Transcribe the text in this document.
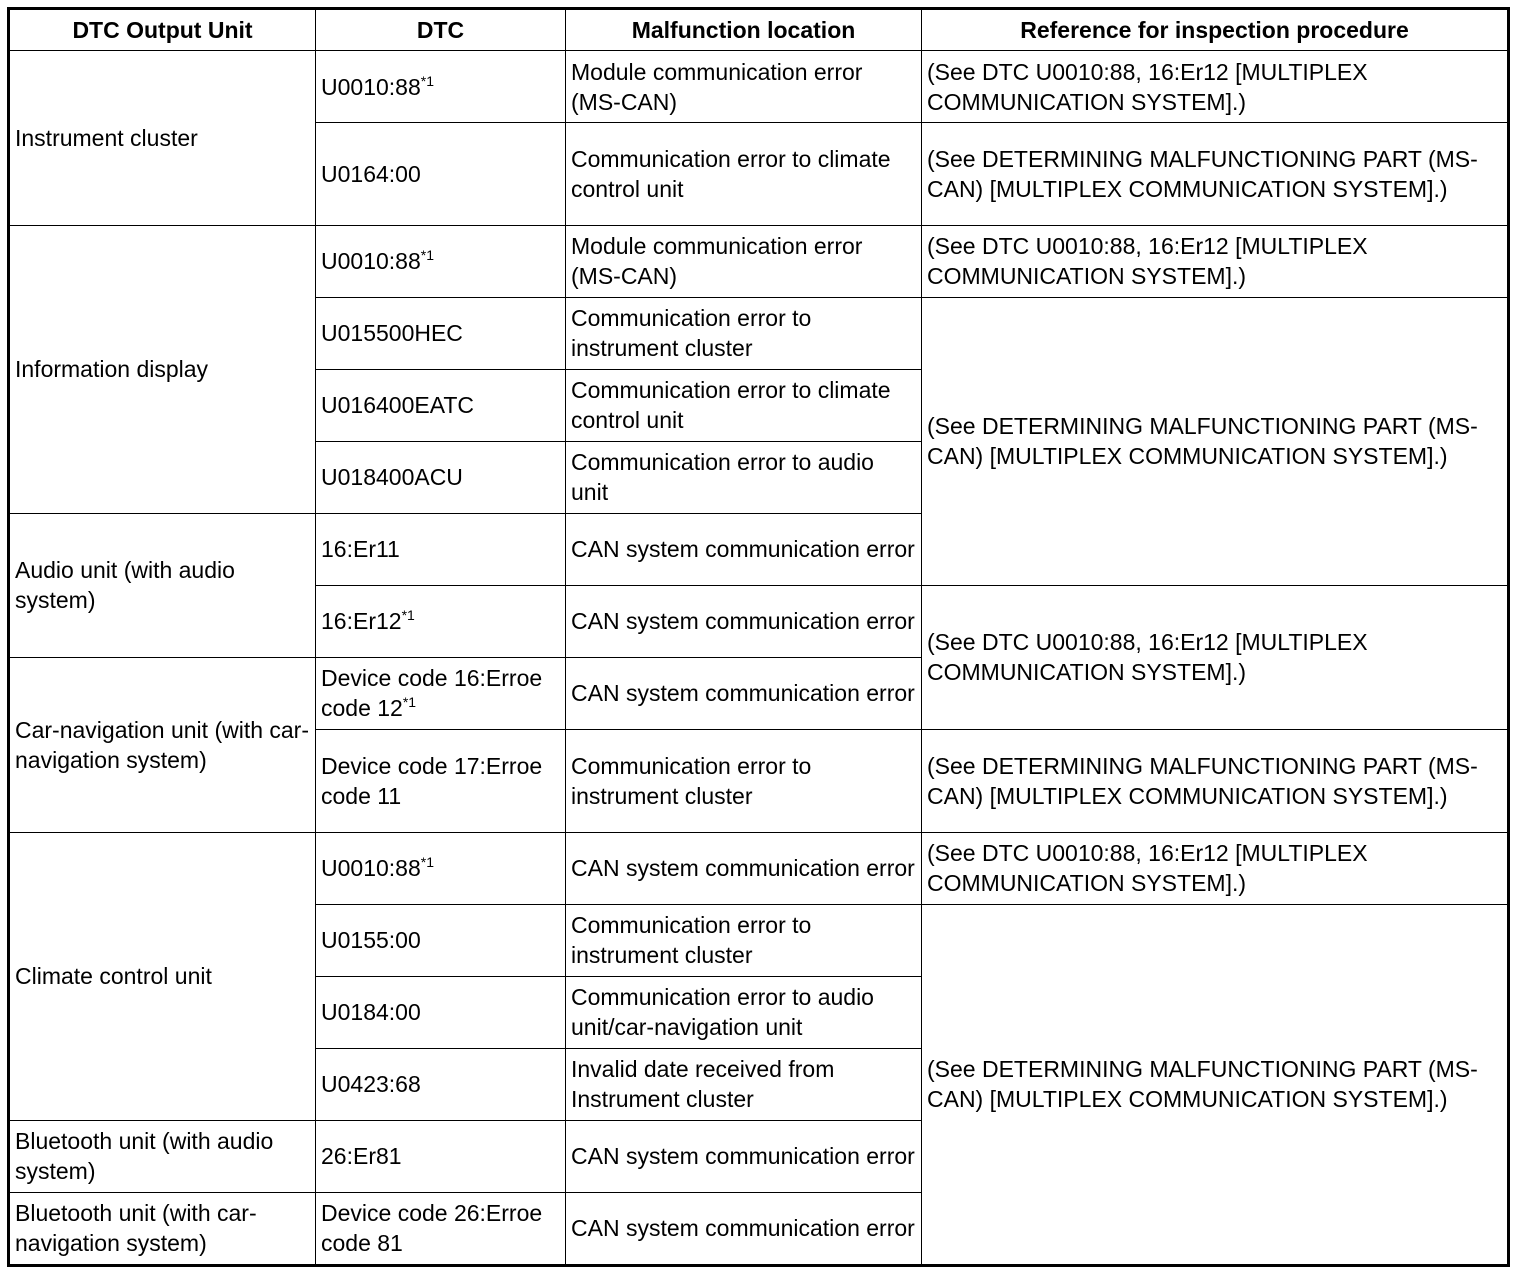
DTC Output Unit	DTC	Malfunction location	Reference for inspection procedure
Instrument cluster	U0010:88$^{*1}$	Module communication error (MS-CAN)	(See DTC U0010:88, 16:Er12 [MULTIPLEX COMMUNICATION SYSTEM].)
	U0164:00	Communication error to climate control unit	(See DETERMINING MALFUNCTIONING PART (MS-CAN) [MULTIPLEX COMMUNICATION SYSTEM].)
Information display	U0010:88$^{*1}$	Module communication error (MS-CAN)	(See DTC U0010:88, 16:Er12 [MULTIPLEX COMMUNICATION SYSTEM].)
	U015500HEC	Communication error to instrument cluster	(See DETERMINING MALFUNCTIONING PART (MS-CAN) [MULTIPLEX COMMUNICATION SYSTEM].)
	U016400EATC	Communication error to climate control unit	
	U018400ACU	Communication error to audio unit	
Audio unit (with audio system)	16:Er11	CAN system communication error	
	16:Er12$^{*1}$	CAN system communication error	(See DTC U0010:88, 16:Er12 [MULTIPLEX COMMUNICATION SYSTEM].)
Car-navigation unit (with car-navigation system)	Device code 16:Erroe code 12$^{*1}$	CAN system communication error	
	Device code 17:Erroe code 11	Communication error to instrument cluster	(See DETERMINING MALFUNCTIONING PART (MS-CAN) [MULTIPLEX COMMUNICATION SYSTEM].)
Climate control unit	U0010:88$^{*1}$	CAN system communication error	(See DTC U0010:88, 16:Er12 [MULTIPLEX COMMUNICATION SYSTEM].)
	U0155:00	Communication error to instrument cluster	(See DETERMINING MALFUNCTIONING PART (MS-CAN) [MULTIPLEX COMMUNICATION SYSTEM].)
	U0184:00	Communication error to audio unit/car-navigation unit	
	U0423:68	Invalid date received from Instrument cluster	
Bluetooth unit (with audio system)	26:Er81	CAN system communication error	
Bluetooth unit (with car-navigation system)	Device code 26:Erroe code 81	CAN system communication error	
